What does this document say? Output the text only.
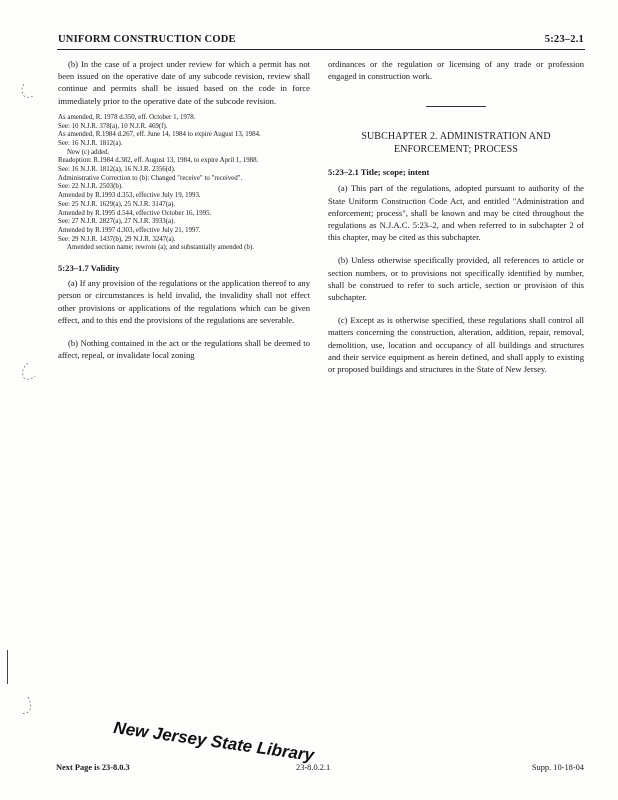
UNIFORM CONSTRUCTION CODE	5:23–2.1

(b) In the case of a project under review for which a permit has not been issued on the operative date of any subcode revision, review shall continue and permits shall be issued based on the code in force immediately prior to the operative date of the subcode revision.

As amended, R. 1978 d.350, eff. October 1, 1978.
See: 10 N.J.R. 378(a), 10 N.J.R. 469(f).
As amended, R.1984 d.267, eff. June 14, 1984 to expire August 13, 1984.
See: 16 N.J.R. 1812(a).
New (c) added.
Readoption: R.1984 d.382, eff. August 13, 1984, to expire April 1, 1988.
See: 16 N.J.R. 1812(a), 16 N.J.R. 2356(d).
Administrative Correction to (b): Changed "receive" to "received".
See: 22 N.J.R. 2503(b).
Amended by R.1993 d.353, effective July 19, 1993.
See: 25 N.J.R. 1629(a), 25 N.J.R. 3147(a).
Amended by R.1995 d.544, effective October 16, 1995.
See: 27 N.J.R. 2827(a), 27 N.J.R. 3933(a).
Amended by R.1997 d.303, effective July 21, 1997.
See: 29 N.J.R. 1437(b), 29 N.J.R. 3247(a).
Amended section name; rewrote (a); and substantially amended (b).

5:23–1.7 Validity

(a) If any provision of the regulations or the application thereof to any person or circumstances is held invalid, the invalidity shall not effect other provisions or applications of the regulations which can be given effect, and to this end the provisions of the regulations are severable.

(b) Nothing contained in the act or the regulations shall be deemed to affect, repeal, or invalidate local zoning

ordinances or the regulation or licensing of any trade or profession engaged in construction work.

SUBCHAPTER 2. ADMINISTRATION AND
ENFORCEMENT; PROCESS

5:23–2.1 Title; scope; intent

(a) This part of the regulations, adopted pursuant to authority of the State Uniform Construction Code Act, and entitled "Administration and enforcement; process", shall be known and may be cited throughout the regulations as N.J.A.C. 5:23–2, and when referred to in subchapter 2 of this chapter, may be cited as this subchapter.

(b) Unless otherwise specifically provided, all references to article or section numbers, or to provisions not specifically identified by number, shall be construed to refer to such article, section or provision of this subchapter.

(c) Except as is otherwise specified, these regulations shall control all matters concerning the construction, alteration, addition, repair, removal, demolition, use, location and occupancy of all buildings and structures and their service equipment as herein defined, and shall apply to existing or proposed buildings and structures in the State of New Jersey.

New Jersey State Library
Next Page is 23-8.0.3	23-8.0.2.1	Supp. 10-18-04
